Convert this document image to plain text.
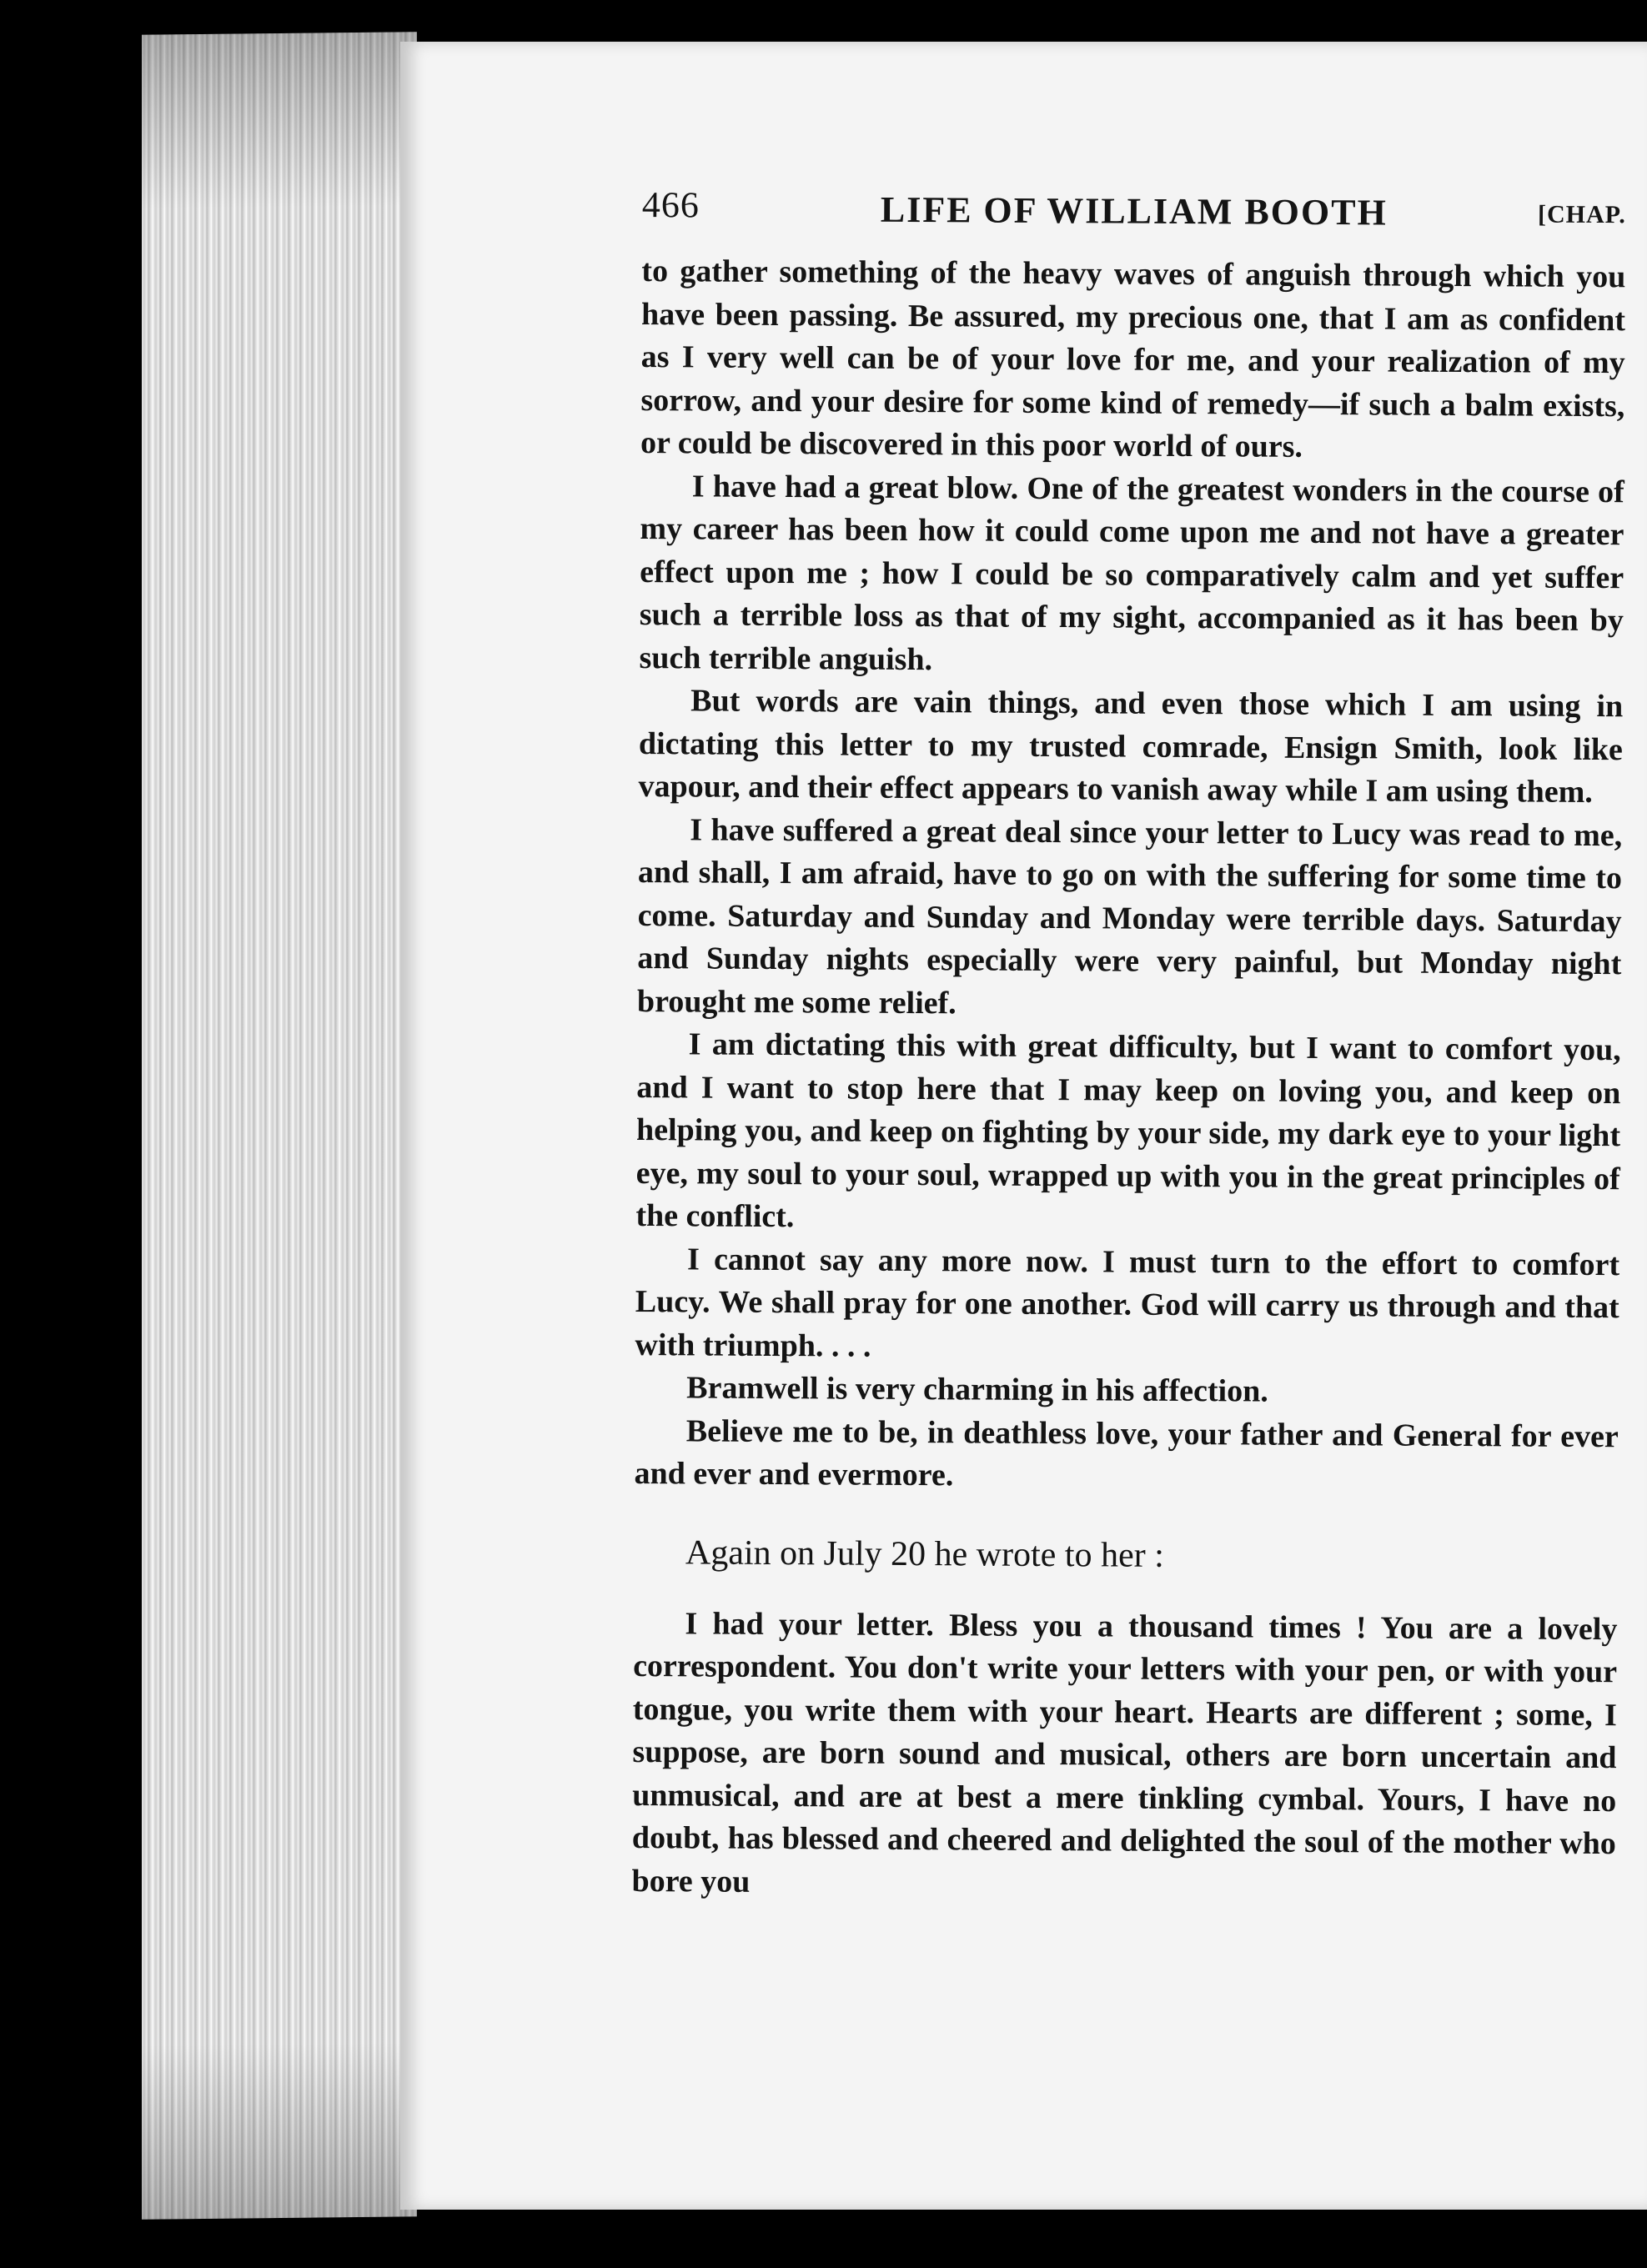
466	LIFE OF WILLIAM BOOTH	[CHAP.

to gather something of the heavy waves of anguish through which you have been passing. Be assured, my precious one, that I am as confident as I very well can be of your love for me, and your realization of my sorrow, and your desire for some kind of remedy—if such a balm exists, or could be discovered in this poor world of ours.

I have had a great blow. One of the greatest wonders in the course of my career has been how it could come upon me and not have a greater effect upon me ; how I could be so comparatively calm and yet suffer such a terrible loss as that of my sight, accompanied as it has been by such terrible anguish.

But words are vain things, and even those which I am using in dictating this letter to my trusted comrade, Ensign Smith, look like vapour, and their effect appears to vanish away while I am using them.

I have suffered a great deal since your letter to Lucy was read to me, and shall, I am afraid, have to go on with the suffering for some time to come. Saturday and Sunday and Monday were terrible days. Saturday and Sunday nights especially were very painful, but Monday night brought me some relief.

I am dictating this with great difficulty, but I want to comfort you, and I want to stop here that I may keep on loving you, and keep on helping you, and keep on fighting by your side, my dark eye to your light eye, my soul to your soul, wrapped up with you in the great principles of the conflict.

I cannot say any more now. I must turn to the effort to comfort Lucy. We shall pray for one another. God will carry us through and that with triumph. . . .

Bramwell is very charming in his affection.

Believe me to be, in deathless love, your father and General for ever and ever and evermore.

Again on July 20 he wrote to her :

I had your letter. Bless you a thousand times ! You are a lovely correspondent. You don't write your letters with your pen, or with your tongue, you write them with your heart. Hearts are different ; some, I suppose, are born sound and musical, others are born uncertain and unmusical, and are at best a mere tinkling cymbal. Yours, I have no doubt, has blessed and cheered and delighted the soul of the mother who bore you
